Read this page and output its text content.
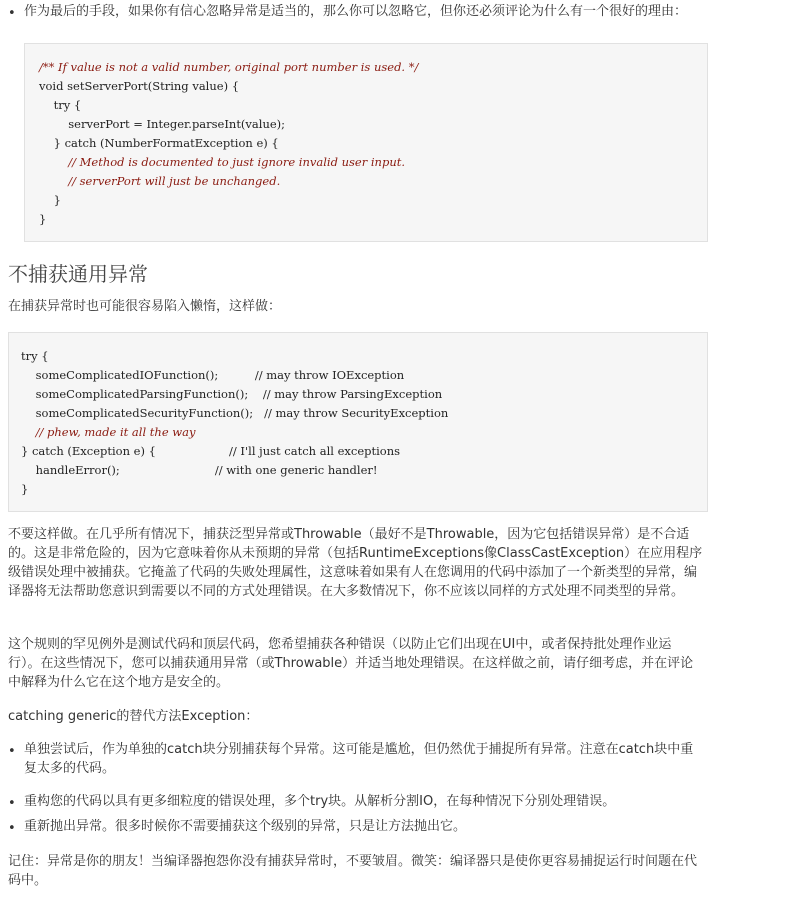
• 作为最后的手段，如果你有信心忽略异常是适当的，那么你可以忽略它，但你还必须评论为什么有一个很好的理由：
/** If value is not a valid number, original port number is used. */
void setServerPort(String value) {
try {
serverPort = Integer.parseInt(value);
} catch (NumberFormatException e) {
// Method is documented to just ignore invalid user input.
// serverPort will just be unchanged.
}
}
不捕获通用异常
在捕获异常时也可能很容易陷入懒惰，这样做：
try {
someComplicatedIOFunction();          // may throw IOException
someComplicatedParsingFunction();    // may throw ParsingException
someComplicatedSecurityFunction();   // may throw SecurityException
// phew, made it all the way
} catch (Exception e) {                    // I'll just catch all exceptions
handleError();                          // with one generic handler!
}
不要这样做。在几乎所有情况下，捕获泛型异常或Throwable（最好不是Throwable，因为它包括错误异常）是不合适的。这是非常危险的，因为它意味着你从未预期的异常（包括RuntimeExceptions像ClassCastException）在应用程序级错误处理中被捕获。它掩盖了代码的失败处理属性，这意味着如果有人在您调用的代码中添加了一个新类型的异常，编译器将无法帮助您意识到需要以不同的方式处理错误。在大多数情况下，你不应该以同样的方式处理不同类型的异常。
这个规则的罕见例外是测试代码和顶层代码，您希望捕获各种错误（以防止它们出现在UI中，或者保持批处理作业运行）。在这些情况下，您可以捕获通用异常（或Throwable）并适当地处理错误。在这样做之前，请仔细考虑，并在评论中解释为什么它在这个地方是安全的。
catching generic的替代方法Exception：
• 单独尝试后，作为单独的catch块分别捕获每个异常。这可能是尴尬，但仍然优于捕捉所有异常。注意在catch块中重复太多的代码。
• 重构您的代码以具有更多细粒度的错误处理，多个try块。从解析分割IO，在每种情况下分别处理错误。
• 重新抛出异常。很多时候你不需要捕获这个级别的异常，只是让方法抛出它。
记住：异常是你的朋友！当编译器抱怨你没有捕获异常时，不要皱眉。微笑：编译器只是使你更容易捕捉运行时间题在代码中。
